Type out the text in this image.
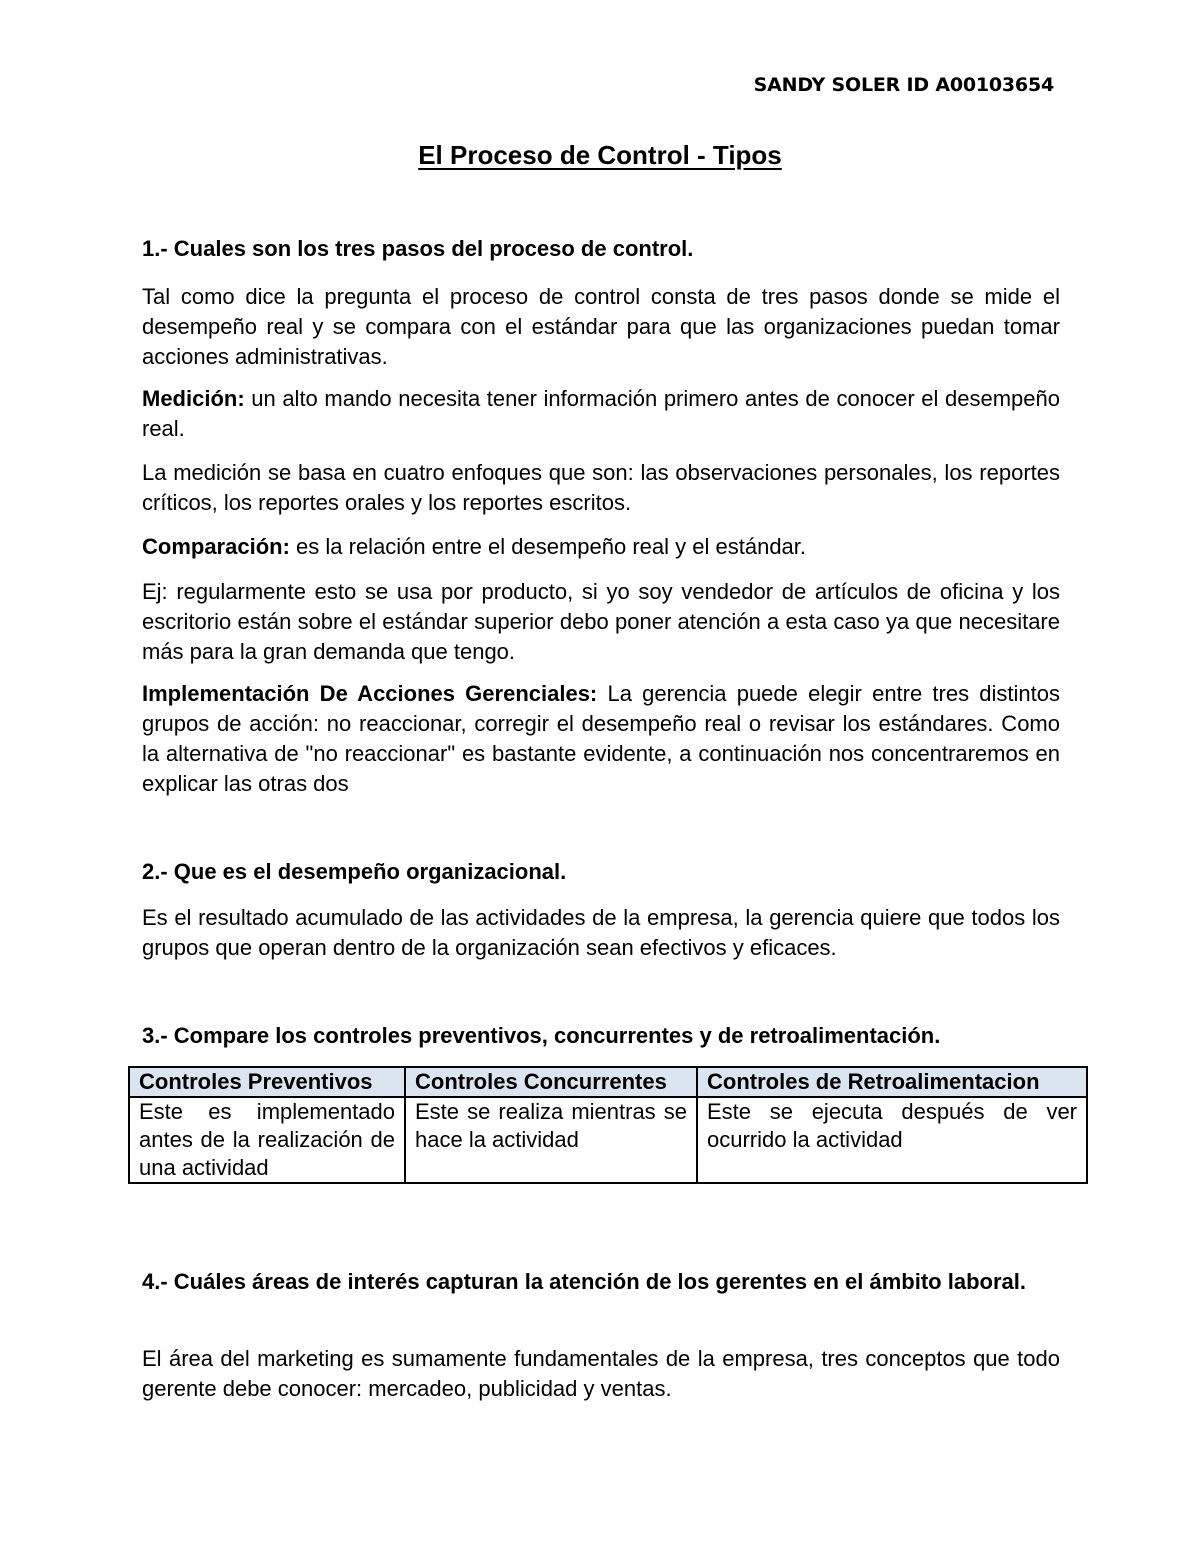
SANDY SOLER ID A00103654
El Proceso de Control - Tipos

1.- Cuales son los tres pasos del proceso de control.

Tal como dice la pregunta el proceso de control consta de tres pasos donde se mide el desempeño real y se compara con el estándar para que las organizaciones puedan tomar acciones administrativas.

Medición: un alto mando necesita tener información primero antes de conocer el desempeño real.

La medición se basa en cuatro enfoques que son: las observaciones personales, los reportes críticos, los reportes orales y los reportes escritos.

Comparación: es la relación entre el desempeño real y el estándar.

Ej: regularmente esto se usa por producto, si yo soy vendedor de artículos de oficina y los escritorio están sobre el estándar superior debo poner atención a esta caso ya que necesitare más para la gran demanda que tengo.

Implementación De Acciones Gerenciales: La gerencia puede elegir entre tres distintos grupos de acción: no reaccionar, corregir el desempeño real o revisar los estándares. Como la alternativa de "no reaccionar" es bastante evidente, a continuación nos concentraremos en explicar las otras dos

2.- Que es el desempeño organizacional.

Es el resultado acumulado de las actividades de la empresa, la gerencia quiere que todos los grupos que operan dentro de la organización sean efectivos y eficaces.

3.- Compare los controles preventivos, concurrentes y de retroalimentación.

Controles Preventivos	Controles Concurrentes	Controles de Retroalimentacion
Este es implementado antes de la realización de una actividad	Este se realiza mientras se hace la actividad	Este se ejecuta después de ver ocurrido la actividad

4.- Cuáles áreas de interés capturan la atención de los gerentes en el ámbito laboral.

El área del marketing es sumamente fundamentales de la empresa, tres conceptos que todo gerente debe conocer: mercadeo, publicidad y ventas.
